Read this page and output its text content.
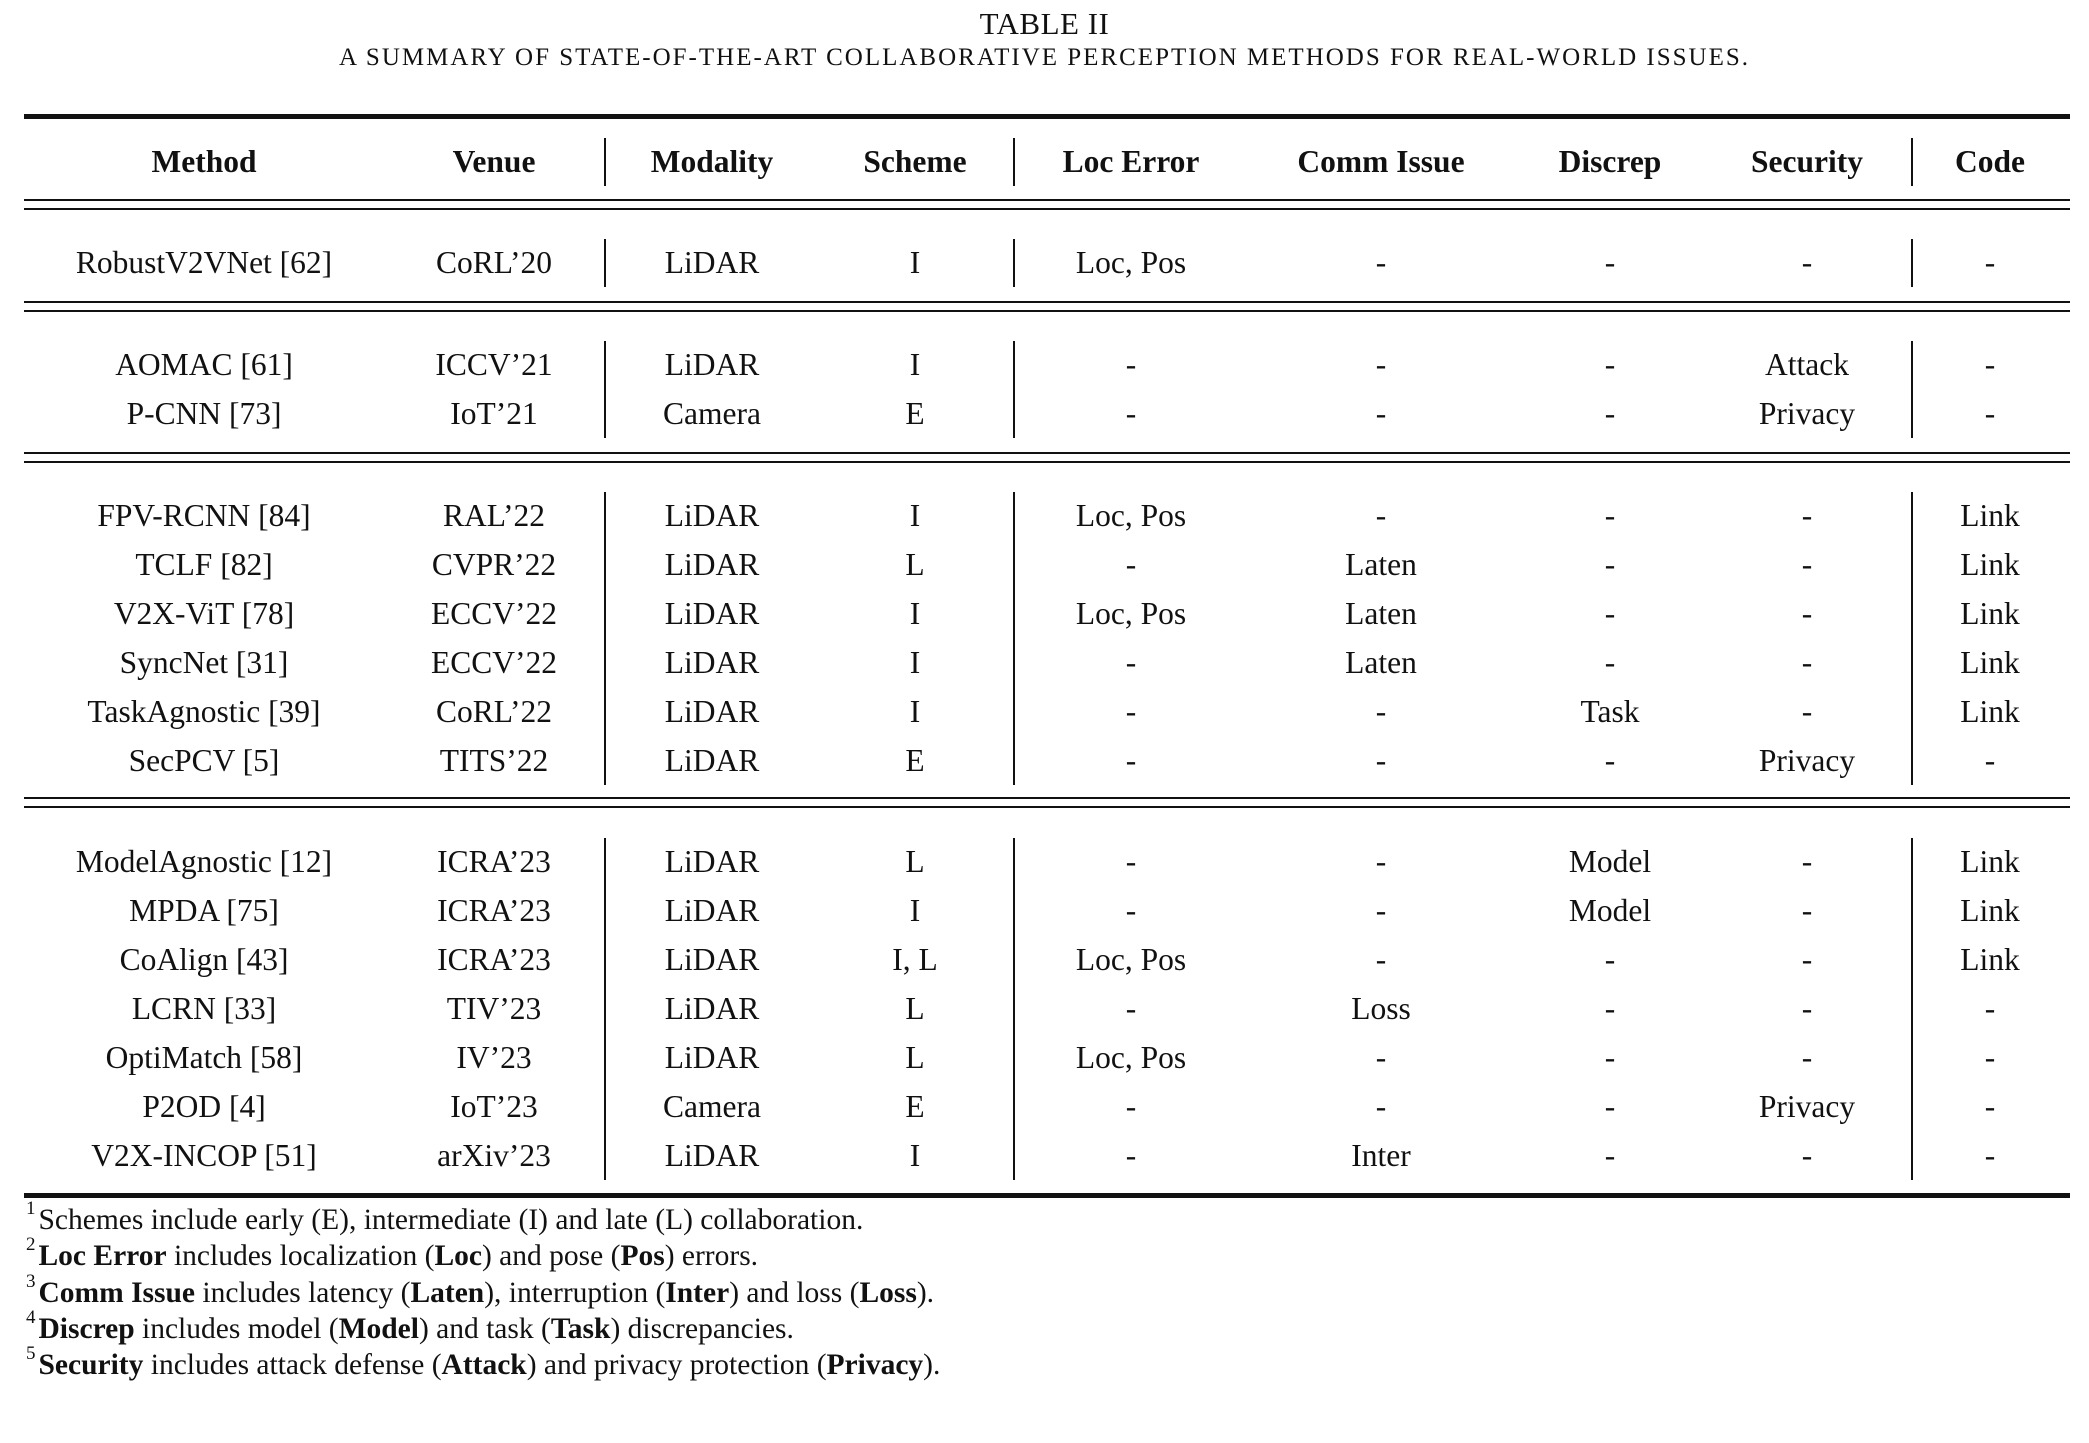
TABLE II
A SUMMARY OF STATE-OF-THE-ART COLLABORATIVE PERCEPTION METHODS FOR REAL-WORLD ISSUES.
Method	Venue	Modality	Scheme	Loc Error	Comm Issue	Discrep	Security	Code
RobustV2VNet [62]	CoRL’20	LiDAR	I	Loc, Pos	-	-	-	-
AOMAC [61]	ICCV’21	LiDAR	I	-	-	-	Attack	-
P-CNN [73]	IoT’21	Camera	E	-	-	-	Privacy	-
FPV-RCNN [84]	RAL’22	LiDAR	I	Loc, Pos	-	-	-	Link
TCLF [82]	CVPR’22	LiDAR	L	-	Laten	-	-	Link
V2X-ViT [78]	ECCV’22	LiDAR	I	Loc, Pos	Laten	-	-	Link
SyncNet [31]	ECCV’22	LiDAR	I	-	Laten	-	-	Link
TaskAgnostic [39]	CoRL’22	LiDAR	I	-	-	Task	-	Link
SecPCV [5]	TITS’22	LiDAR	E	-	-	-	Privacy	-
ModelAgnostic [12]	ICRA’23	LiDAR	L	-	-	Model	-	Link
MPDA [75]	ICRA’23	LiDAR	I	-	-	Model	-	Link
CoAlign [43]	ICRA’23	LiDAR	I, L	Loc, Pos	-	-	-	Link
LCRN [33]	TIV’23	LiDAR	L	-	Loss	-	-	-
OptiMatch [58]	IV’23	LiDAR	L	Loc, Pos	-	-	-	-
P2OD [4]	IoT’23	Camera	E	-	-	-	Privacy	-
V2X-INCOP [51]	arXiv’23	LiDAR	I	-	Inter	-	-	-
$^1$ Schemes include early (E), intermediate (I) and late (L) collaboration.
$^2$ Loc Error includes localization (Loc) and pose (Pos) errors.
$^3$ Comm Issue includes latency (Laten), interruption (Inter) and loss (Loss).
$^4$ Discrep includes model (Model) and task (Task) discrepancies.
$^5$ Security includes attack defense (Attack) and privacy protection (Privacy).
